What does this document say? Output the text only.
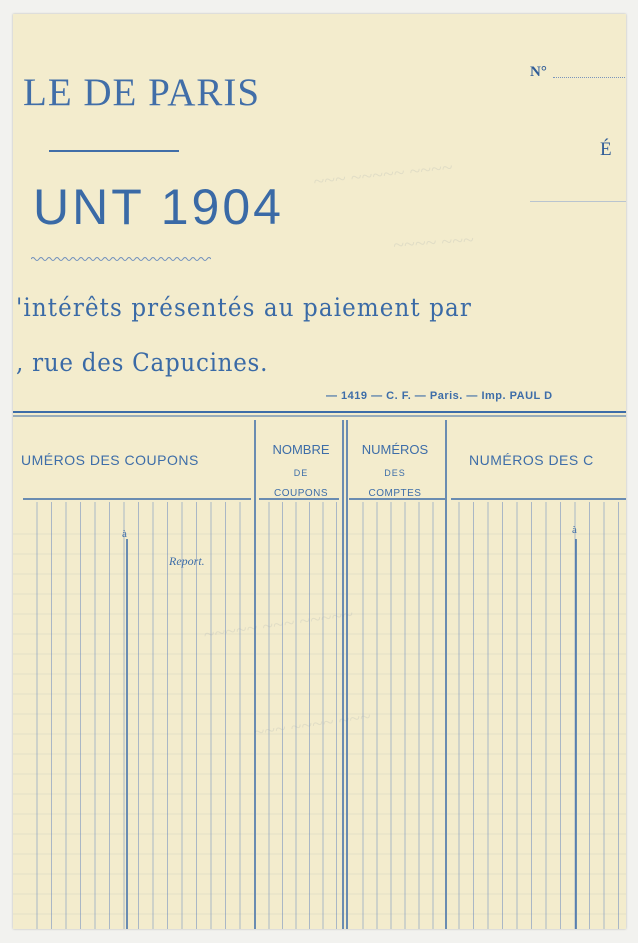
LE DE PARIS
UNT 1904
'intérêts présentés au paiement par
, rue des Capucines.
N°
É
— 1419 — C. F. — Paris. — Imp. PAUL D
~~~ ~~~~~ ~~~~
~~~~ ~~~
~~~~~ ~~~ ~~~~~
~~~ ~~~~ ~~~
UMÉROS DES COUPONS
NOMBRE
DE
COUPONS
NUMÉROS
DES
COMPTES
NUMÉROS DES C
à	à
Report.
